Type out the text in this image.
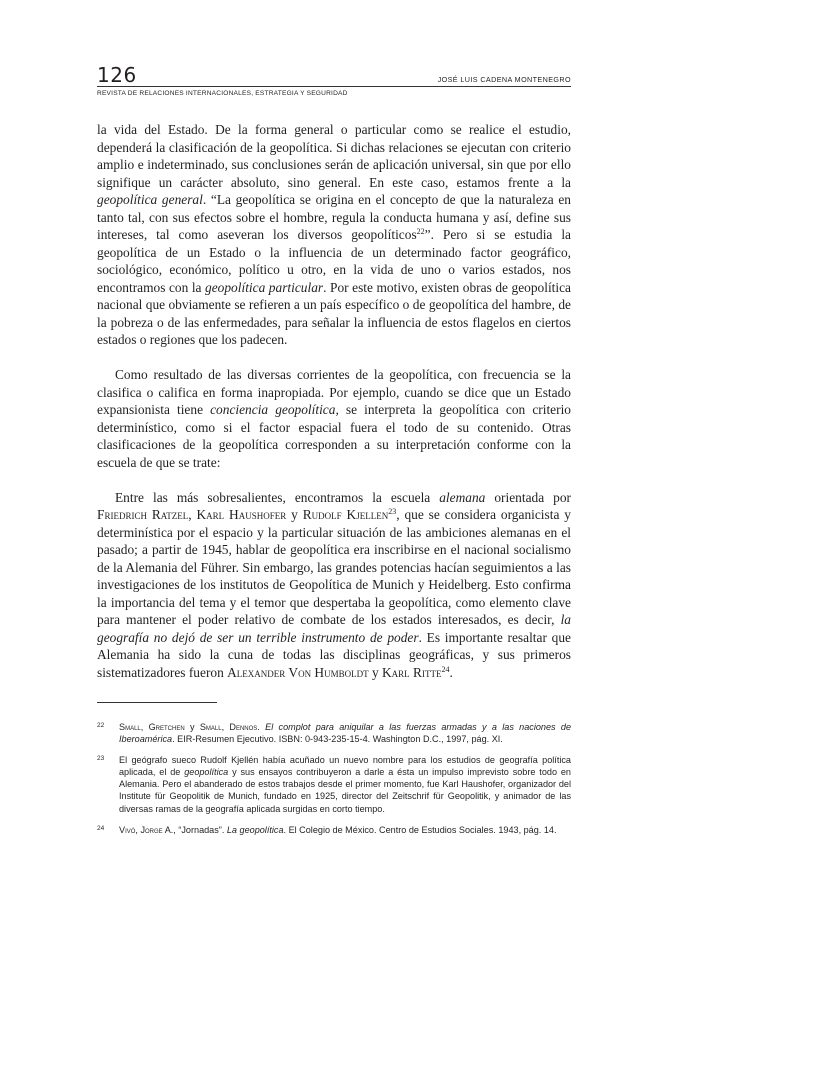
126	JOSÉ LUIS CADENA MONTENEGRO
REVISTA DE RELACIONES INTERNACIONALES, ESTRATEGIA Y SEGURIDAD

la vida del Estado. De la forma general o particular como se realice el estudio, dependerá la clasificación de la geopolítica. Si dichas relaciones se ejecutan con criterio amplio e indeterminado, sus conclusiones serán de aplicación universal, sin que por ello signifique un carácter absoluto, sino general. En este caso, estamos frente a la geopolítica general. “La geopolítica se origina en el concepto de que la naturaleza en tanto tal, con sus efectos sobre el hombre, regula la conducta humana y así, define sus intereses, tal como aseveran los diversos geopolíticos$^{22}$”. Pero si se estudia la geopolítica de un Estado o la influencia de un determinado factor geográfico, sociológico, económico, político u otro, en la vida de uno o varios estados, nos encontramos con la geopolítica particular. Por este motivo, existen obras de geopolítica nacional que obviamente se refieren a un país específico o de geopolítica del hambre, de la pobreza o de las enfermedades, para señalar la influencia de estos flagelos en ciertos estados o regiones que los padecen.

Como resultado de las diversas corrientes de la geopolítica, con frecuencia se la clasifica o califica en forma inapropiada. Por ejemplo, cuando se dice que un Estado expansionista tiene conciencia geopolítica, se interpreta la geopolítica con criterio determinístico, como si el factor espacial fuera el todo de su contenido. Otras clasificaciones de la geopolítica corresponden a su interpretación conforme con la escuela de que se trate:

Entre las más sobresalientes, encontramos la escuela alemana orientada por Friedrich Ratzel, Karl Haushofer y Rudolf Kjellen$^{23}$, que se considera organicista y determinística por el espacio y la particular situación de las ambiciones alemanas en el pasado; a partir de 1945, hablar de geopolítica era inscribirse en el nacional socialismo de la Alemania del Führer. Sin embargo, las grandes potencias hacían seguimientos a las investigaciones de los institutos de Geopolítica de Munich y Heidelberg. Esto confirma la importancia del tema y el temor que despertaba la geopolítica, como elemento clave para mantener el poder relativo de combate de los estados interesados, es decir, la geografía no dejó de ser un terrible instrumento de poder. Es importante resaltar que Alemania ha sido la cuna de todas las disciplinas geográficas, y sus primeros sistematizadores fueron Alexander Von Humboldt y Karl Ritte$^{24}$.

22 Small, Gretchen y Small, Dennos. El complot para aniquilar a las fuerzas armadas y a las naciones de Iberoamérica. EIR-Resumen Ejecutivo. ISBN: 0-943-235-15-4. Washington D.C., 1997, pág. XI.
23 El geógrafo sueco Rudolf Kjellén había acuñado un nuevo nombre para los estudios de geografía política aplicada, el de geopolítica y sus ensayos contribuyeron a darle a ésta un impulso imprevisto sobre todo en Alemania. Pero el abanderado de estos trabajos desde el primer momento, fue Karl Haushofer, organizador del Institute für Geopolitik de Munich, fundado en 1925, director del Zeitschrif für Geopolitik, y animador de las diversas ramas de la geografía aplicada surgidas en corto tiempo.
24 Vivó, Jorge A., “Jornadas”. La geopolítica. El Colegio de México. Centro de Estudios Sociales. 1943, pág. 14.
